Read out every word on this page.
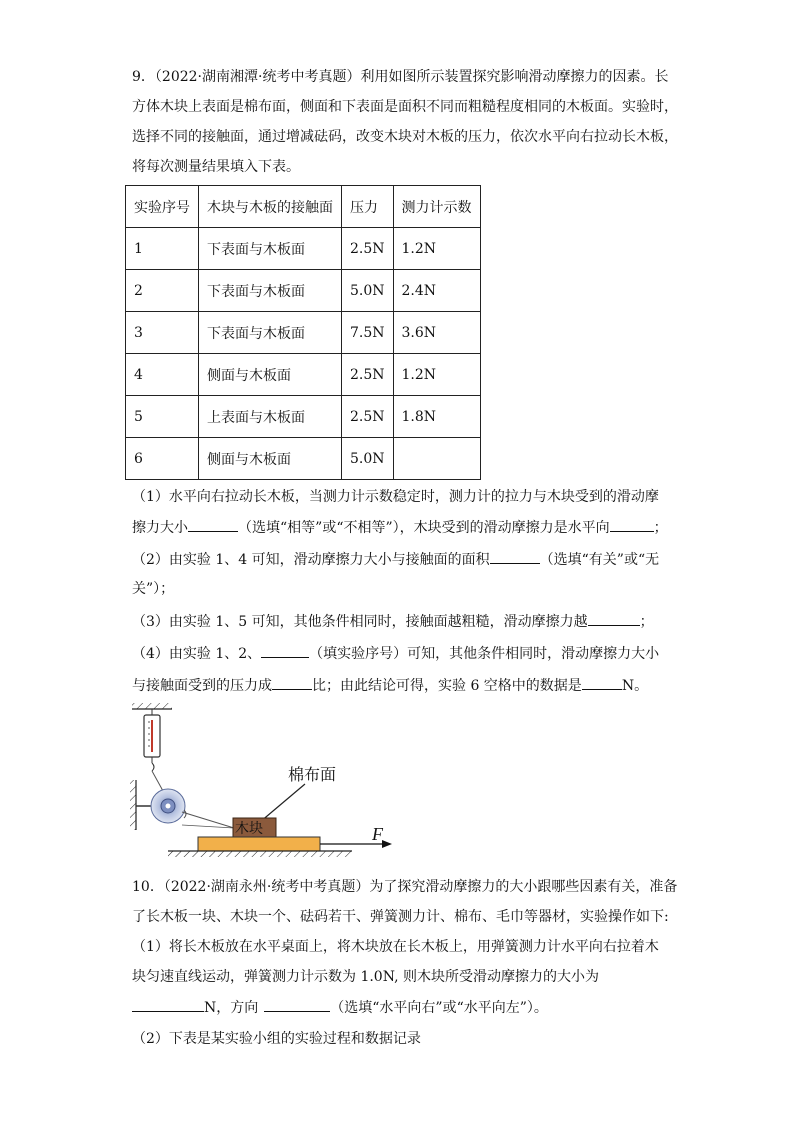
9．（2022·湖南湘潭·统考中考真题）利用如图所示装置探究影响滑动摩擦力的因素。长
方体木块上表面是棉布面，侧面和下表面是面积不同而粗糙程度相同的木板面。实验时，
选择不同的接触面，通过增减砝码，改变木块对木板的压力，依次水平向右拉动长木板，
将每次测量结果填入下表。
实验序号	木块与木板的接触面	压力	测力计示数
1	下表面与木板面	2.5N	1.2N
2	下表面与木板面	5.0N	2.4N
3	下表面与木板面	7.5N	3.6N
4	侧面与木板面	2.5N	1.2N
5	上表面与木板面	2.5N	1.8N
6	侧面与木板面	5.0N	
（1）水平向右拉动长木板，当测力计示数稳定时，测力计的拉力与木块受到的滑动摩
擦力大小	（选填“相等”或“不相等”），木块受到的滑动摩擦力是水平向	；
（2）由实验 1、4 可知，滑动摩擦力大小与接触面的面积	（选填“有关”或“无
关”）；
（3）由实验 1、5 可知，其他条件相同时，接触面越粗糙，滑动摩擦力越	；
（4）由实验 1、2、	（填实验序号）可知，其他条件相同时，滑动摩擦力大小
与接触面受到的压力成	比；由此结论可得，实验 6 空格中的数据是	N。
棉布面
木块	F
10．（2022·湖南永州·统考中考真题）为了探究滑动摩擦力的大小跟哪些因素有关，准备
了长木板一块、木块一个、砝码若干、弹簧测力计、棉布、毛巾等器材，实验操作如下:
（1）将长木板放在水平桌面上，将木块放在长木板上，用弹簧测力计水平向右拉着木
块匀速直线运动，弹簧测力计示数为 1.0N, 则木块所受滑动摩擦力的大小为
N，方向	（选填“水平向右”或“水平向左”）。
（2）下表是某实验小组的实验过程和数据记录
